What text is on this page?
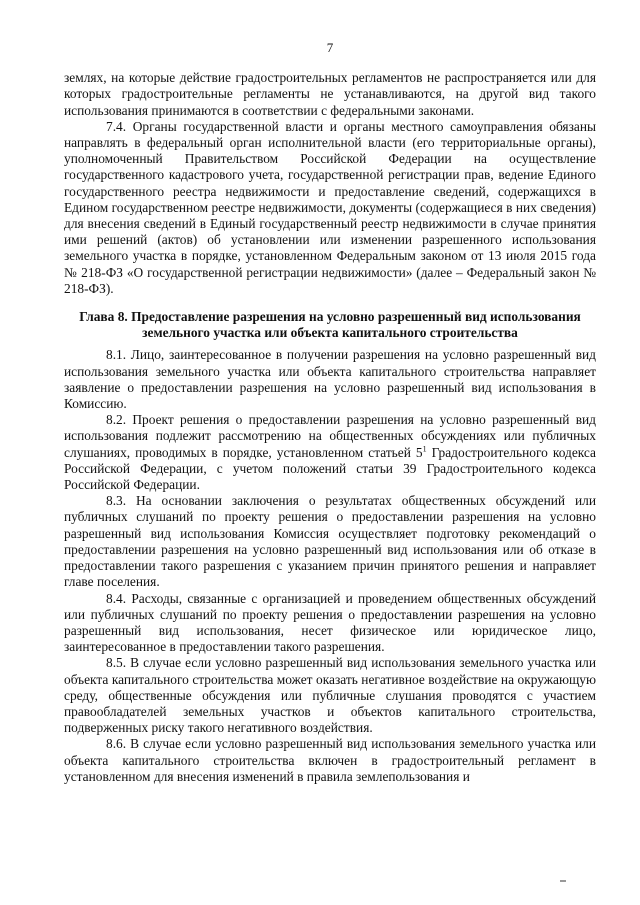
7

землях, на которые действие градостроительных регламентов не распространяется или для которых градостроительные регламенты не устанавливаются, на другой вид такого использования принимаются в соответствии с федеральными законами.

7.4. Органы государственной власти и органы местного самоуправления обязаны направлять в федеральный орган исполнительной власти (его территориальные органы), уполномоченный Правительством Российской Федерации на осуществление государственного кадастрового учета, государственной регистрации прав, ведение Единого государственного реестра недвижимости и предоставление сведений, содержащихся в Едином государственном реестре недвижимости, документы (содержащиеся в них сведения) для внесения сведений в Единый государственный реестр недвижимости в случае принятия ими решений (актов) об установлении или изменении разрешенного использования земельного участка в порядке, установленном Федеральным законом от 13 июля 2015 года № 218-ФЗ «О государственной регистрации недвижимости» (далее – Федеральный закон № 218-ФЗ).

Глава 8. Предоставление разрешения на условно разрешенный вид использования земельного участка или объекта капитального строительства

8.1. Лицо, заинтересованное в получении разрешения на условно разрешенный вид использования земельного участка или объекта капитального строительства направляет заявление о предоставлении разрешения на условно разрешенный вид использования в Комиссию.

8.2. Проект решения о предоставлении разрешения на условно разрешенный вид использования подлежит рассмотрению на общественных обсуждениях или публичных слушаниях, проводимых в порядке, установленном статьей $5^1$ Градостроительного кодекса Российской Федерации, с учетом положений статьи 39 Градостроительного кодекса Российской Федерации.

8.3. На основании заключения о результатах общественных обсуждений или публичных слушаний по проекту решения о предоставлении разрешения на условно разрешенный вид использования Комиссия осуществляет подготовку рекомендаций о предоставлении разрешения на условно разрешенный вид использования или об отказе в предоставлении такого разрешения с указанием причин принятого решения и направляет главе поселения.

8.4. Расходы, связанные с организацией и проведением общественных обсуждений или публичных слушаний по проекту решения о предоставлении разрешения на условно разрешенный вид использования, несет физическое или юридическое лицо, заинтересованное в предоставлении такого разрешения.

8.5. В случае если условно разрешенный вид использования земельного участка или объекта капитального строительства может оказать негативное воздействие на окружающую среду, общественные обсуждения или публичные слушания проводятся с участием правообладателей земельных участков и объектов капитального строительства, подверженных риску такого негативного воздействия.

8.6. В случае если условно разрешенный вид использования земельного участка или объекта капитального строительства включен в градостроительный регламент в установленном для внесения изменений в правила землепользования и
